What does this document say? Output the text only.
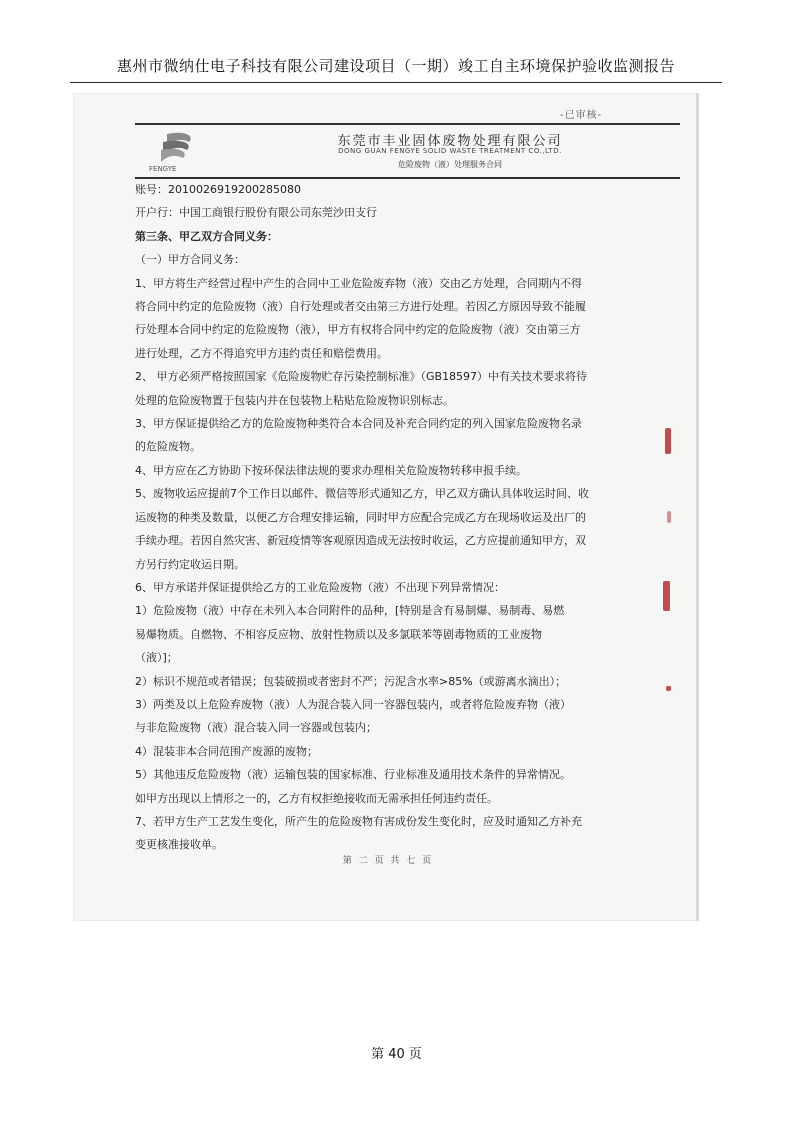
惠州市微纳仕电子科技有限公司建设项目（一期）竣工自主环境保护验收监测报告
-已审核-
FENGYE
东莞市丰业固体废物处理有限公司
DONG GUAN FENGYE SOLID WASTE TREATMENT CO.,LTD.
危险废物（液）处理服务合同

账号：2010026919200285080

开户行：中国工商银行股份有限公司东莞沙田支行

第三条、甲乙双方合同义务：

（一）甲方合同义务：

1、甲方将生产经营过程中产生的合同中工业危险废弃物（液）交由乙方处理，合同期内不得

将合同中约定的危险废物（液）自行处理或者交由第三方进行处理。若因乙方原因导致不能履

行处理本合同中约定的危险废物（液），甲方有权将合同中约定的危险废物（液）交由第三方

进行处理，乙方不得追究甲方违约责任和赔偿费用。

2、 甲方必须严格按照国家《危险废物贮存污染控制标准》（GB18597）中有关技术要求将待

处理的危险废物置于包装内并在包装物上粘贴危险废物识别标志。

3、甲方保证提供给乙方的危险废物种类符合本合同及补充合同约定的列入国家危险废物名录

的危险废物。

4、甲方应在乙方协助下按环保法律法规的要求办理相关危险废物转移申报手续。

5、废物收运应提前7个工作日以邮件、微信等形式通知乙方，甲乙双方确认具体收运时间、收

运废物的种类及数量，以便乙方合理安排运输，同时甲方应配合完成乙方在现场收运及出厂的

手续办理。若因自然灾害、新冠疫情等客观原因造成无法按时收运，乙方应提前通知甲方，双

方另行约定收运日期。

6、甲方承诺并保证提供给乙方的工业危险废物（液）不出现下列异常情况：

1）危险废物（液）中存在未列入本合同附件的品种，[特别是含有易制爆、易制毒、易燃

易爆物质。自燃物、不相容反应物、放射性物质以及多氯联苯等剧毒物质的工业废物

（液）]；

2）标识不规范或者错误；包装破损或者密封不严；污泥含水率>85%（或游离水滴出）；

3）两类及以上危险弃废物（液）人为混合装入同一容器包装内，或者将危险废弃物（液）

与非危险废物（液）混合装入同一容器或包装内；

4）混装非本合同范围产废源的废物；

5）其他违反危险废物（液）运输包装的国家标准、行业标准及通用技术条件的异常情况。

如甲方出现以上情形之一的，乙方有权拒绝接收而无需承担任何违约责任。

7、若甲方生产工艺发生变化，所产生的危险废物有害成份发生变化时，应及时通知乙方补充

变更核准接收单。

第 二 页 共 七 页
第 40 页
